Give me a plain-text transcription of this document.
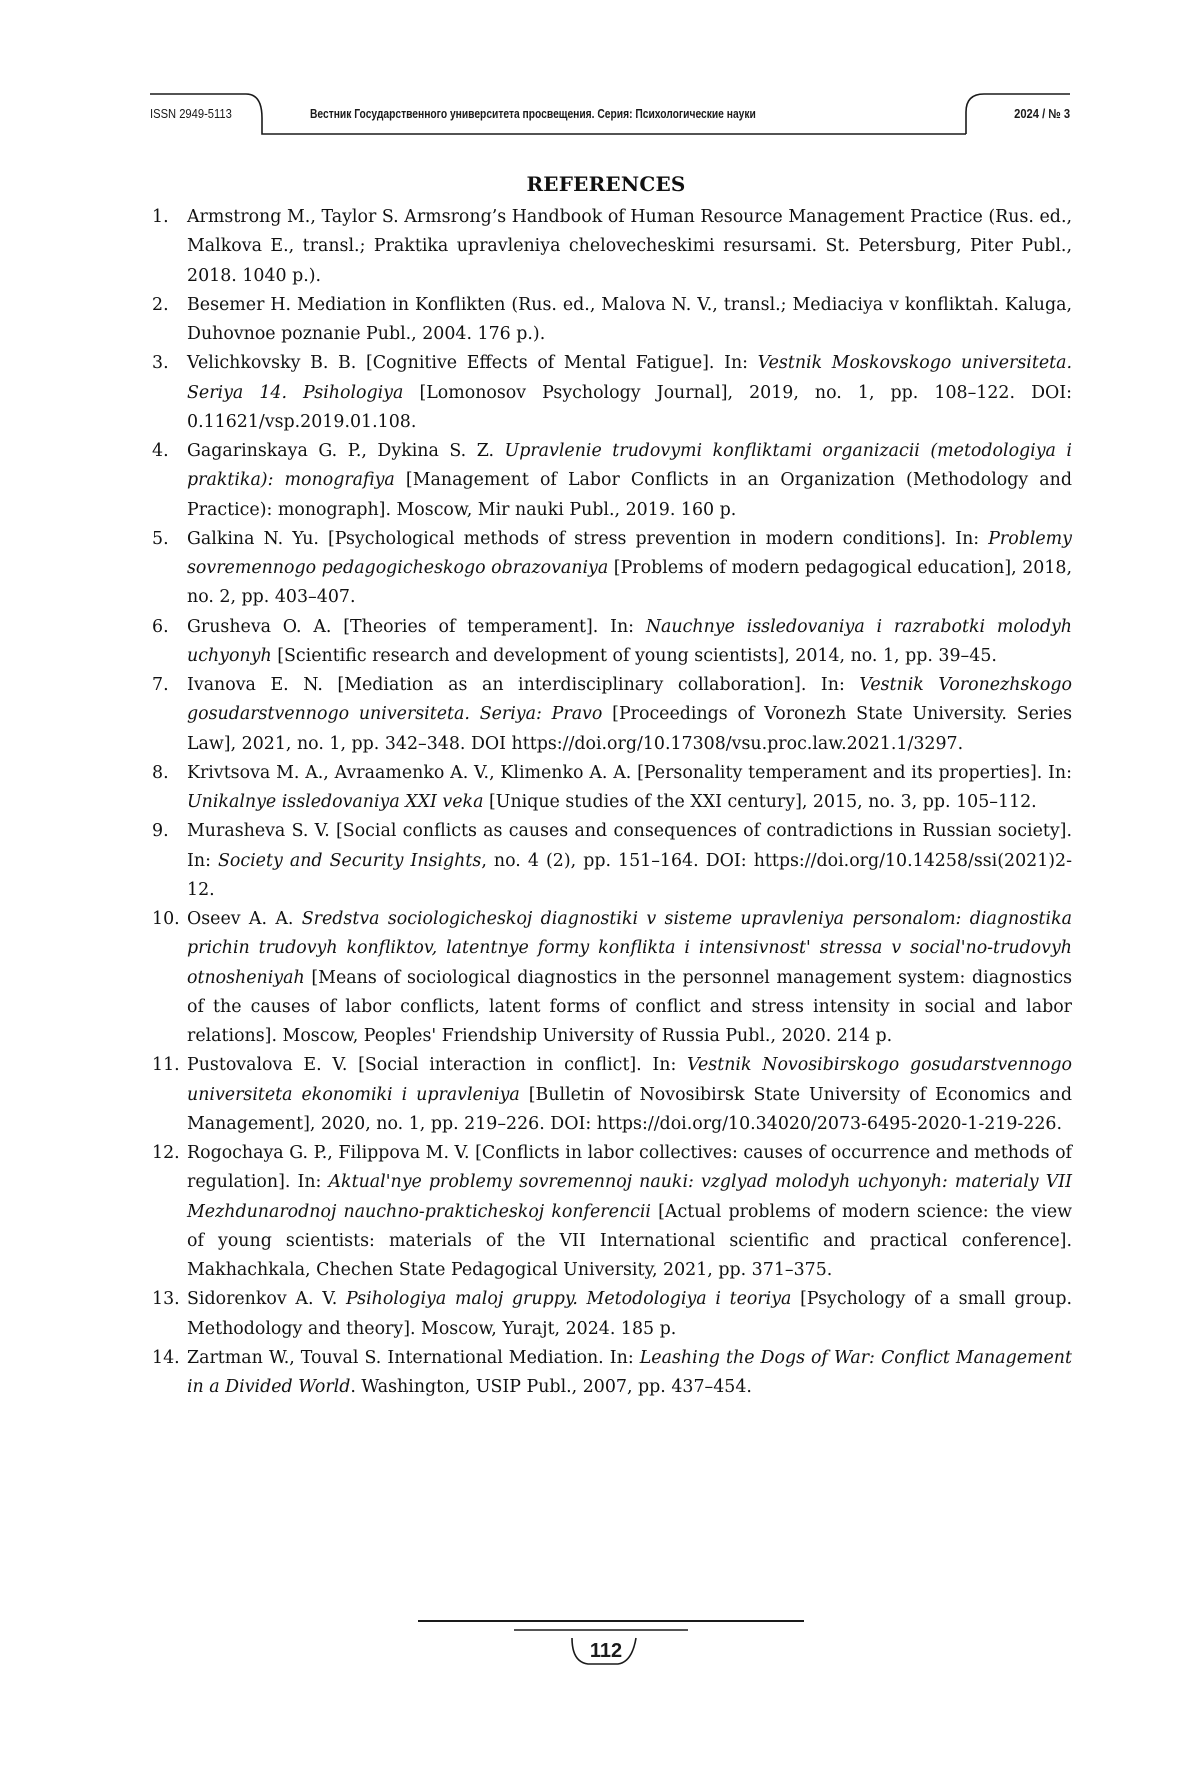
ISSN 2949-5113	Вестник Государственного университета просвещения. Серия: Психологические науки	2024 / № 3
REFERENCES
1. Armstrong M., Taylor S. Armsrong’s Handbook of Human Resource Management Practice (Rus. ed., Malkova E., transl.; Praktika upravleniya chelovecheskimi resursami. St. Petersburg, Piter Publ., 2018. 1040 p.).
2. Besemer H. Mediation in Konflikten (Rus. ed., Malova N. V., transl.; Mediaciya v konfliktah. Kaluga, Duhovnoe poznanie Publ., 2004. 176 p.).
3. Velichkovsky B. B. [Cognitive Effects of Mental Fatigue]. In: Vestnik Moskovskogo universiteta. Seriya 14. Psihologiya [Lomonosov Psychology Journal], 2019, no. 1, pp. 108–122. DOI: 0.11621/vsp.2019.01.108.
4. Gagarinskaya G. P., Dykina S. Z. Upravlenie trudovymi konfliktami organizacii (metodologiya i praktika): monografiya [Management of Labor Conflicts in an Organization (Methodology and Practice): monograph]. Moscow, Mir nauki Publ., 2019. 160 p.
5. Galkina N. Yu. [Psychological methods of stress prevention in modern conditions]. In: Problemy sovremennogo pedagogicheskogo obrazovaniya [Problems of modern pedagogical education], 2018, no. 2, pp. 403–407.
6. Grusheva O. A. [Theories of temperament]. In: Nauchnye issledovaniya i razrabotki molodyh uchyonyh [Scientific research and development of young scientists], 2014, no. 1, pp. 39–45.
7. Ivanova E. N. [Mediation as an interdisciplinary collaboration]. In: Vestnik Voronezhskogo gosudarstvennogo universiteta. Seriya: Pravo [Proceedings of Voronezh State University. Series Law], 2021, no. 1, pp. 342–348. DOI https://doi.org/10.17308/vsu.proc.law.2021.1/3297.
8. Krivtsova M. A., Avraamenko A. V., Klimenko A. A. [Personality temperament and its properties]. In: Unikalnye issledovaniya XXI veka [Unique studies of the XXI century], 2015, no. 3, pp. 105–112.
9. Murasheva S. V. [Social conflicts as causes and consequences of contradictions in Russian society]. In: Society and Security Insights, no. 4 (2), pp. 151–164. DOI: https://doi.org/10.14258/ssi(2021)2-12.
10. Oseev A. A. Sredstva sociologicheskoj diagnostiki v sisteme upravleniya personalom: diagnostika prichin trudovyh konfliktov, latentnye formy konflikta i intensivnost' stressa v social'no-trudovyh otnosheniyah [Means of sociological diagnostics in the personnel management system: diagnostics of the causes of labor conflicts, latent forms of conflict and stress intensity in social and labor relations]. Moscow, Peoples' Friendship University of Russia Publ., 2020. 214 p.
11. Pustovalova E. V. [Social interaction in conflict]. In: Vestnik Novosibirskogo gosudarstvennogo universiteta ekonomiki i upravleniya [Bulletin of Novosibirsk State University of Economics and Management], 2020, no. 1, pp. 219–226. DOI: https://doi.org/10.34020/2073-6495-2020-1-219-226.
12. Rogochaya G. P., Filippova M. V. [Conflicts in labor collectives: causes of occurrence and methods of regulation]. In: Aktual'nye problemy sovremennoj nauki: vzglyad molodyh uchyonyh: materialy VII Mezhdunarodnoj nauchno-prakticheskoj konferencii [Actual problems of modern science: the view of young scientists: materials of the VII International scientific and practical conference]. Makhachkala, Chechen State Pedagogical University, 2021, pp. 371–375.
13. Sidorenkov A. V. Psihologiya maloj gruppy. Metodologiya i teoriya [Psychology of a small group. Methodology and theory]. Moscow, Yurajt, 2024. 185 p.
14. Zartman W., Touval S. International Mediation. In: Leashing the Dogs of War: Conflict Management in a Divided World. Washington, USIP Publ., 2007, pp. 437–454.
112
